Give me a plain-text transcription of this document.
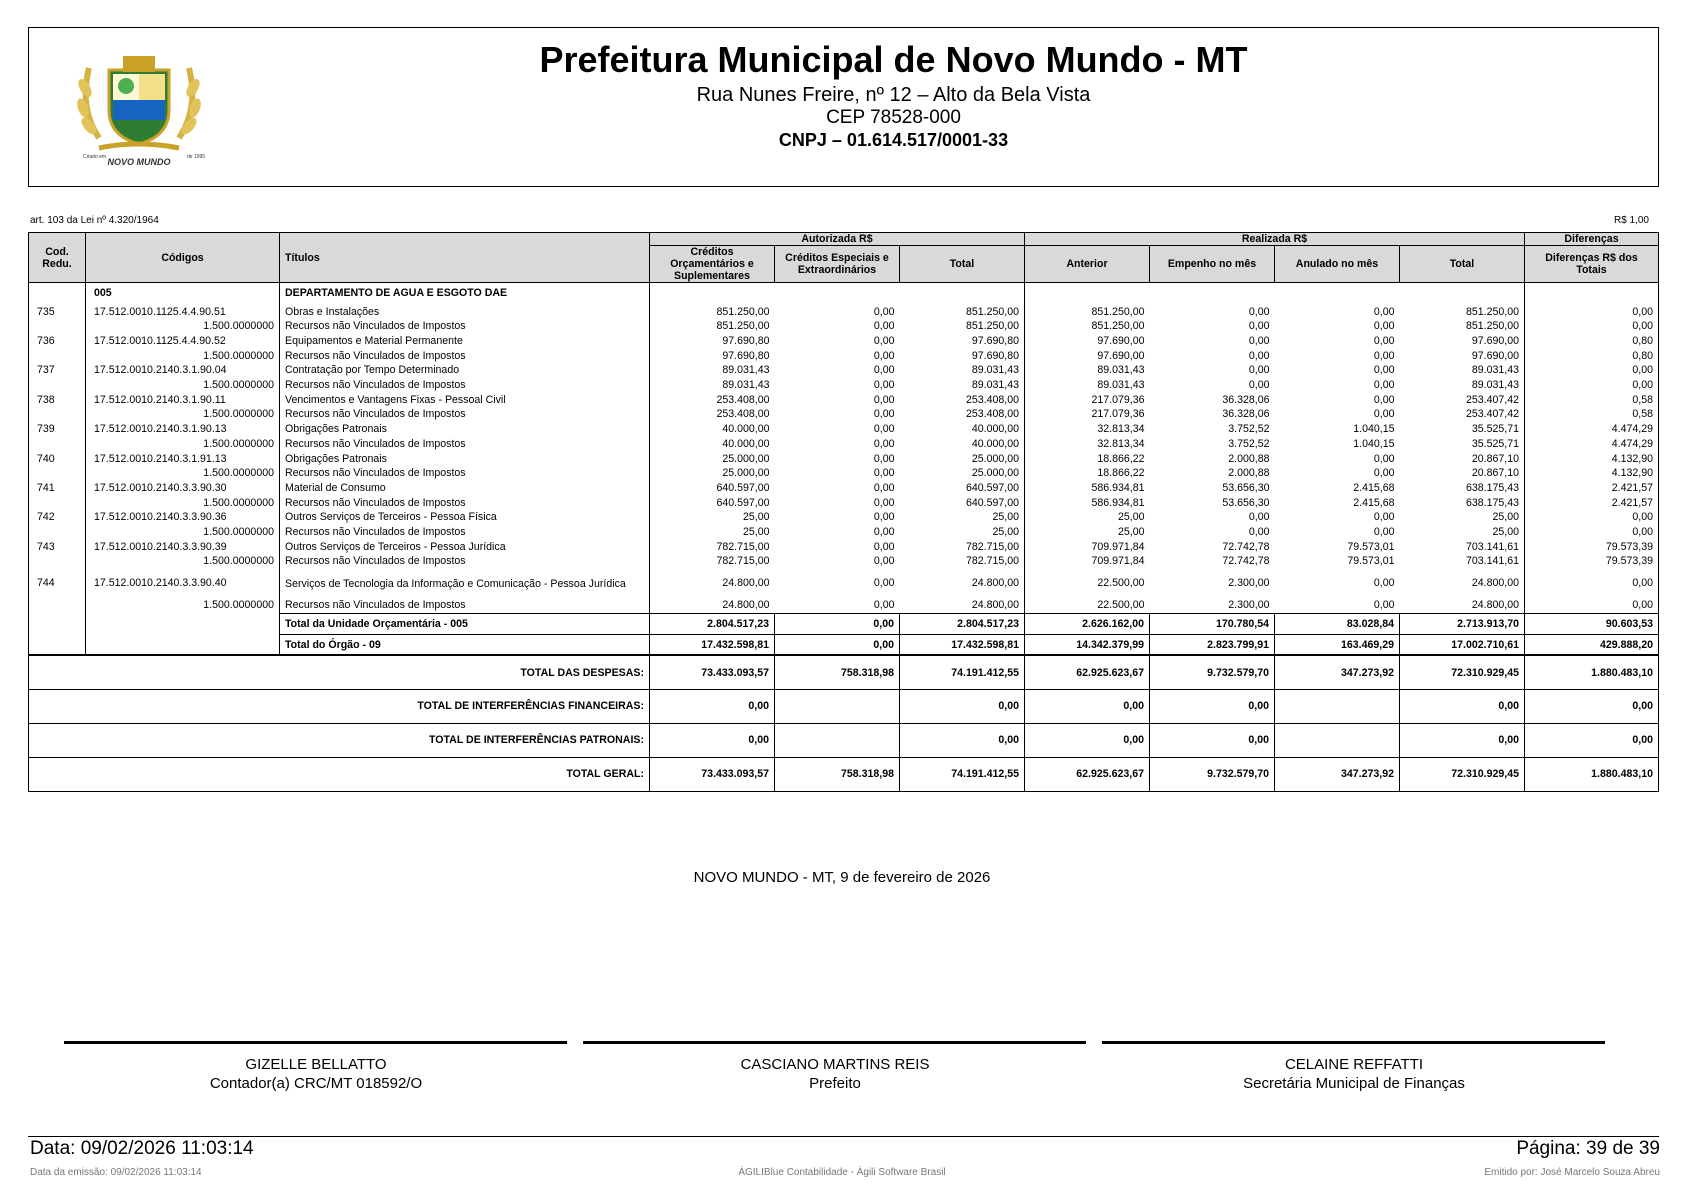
NOVO MUNDO
Criado em	de 1995
Prefeitura Municipal de Novo Mundo - MT
Rua Nunes Freire, nº 12 – Alto da Bela Vista
CEP 78528-000
CNPJ – 01.614.517/0001-33
art. 103 da Lei nº 4.320/1964	R$ 1,00
Cod. Redu.	Códigos	Títulos	Autorizada R$			Realizada R$				Diferenças
			Créditos Orçamentários e Suplementares	Créditos Especiais e Extraordinários	Total	Anterior	Empenho no mês	Anulado no mês	Total	Diferenças R$ dos Totais
	005	DEPARTAMENTO DE AGUA E ESGOTO DAE								
735	17.512.0010.1125.4.4.90.51	Obras e Instalações	851.250,00	0,00	851.250,00	851.250,00	0,00	0,00	851.250,00	0,00
	1.500.0000000	Recursos não Vinculados de Impostos	851.250,00	0,00	851.250,00	851.250,00	0,00	0,00	851.250,00	0,00
736	17.512.0010.1125.4.4.90.52	Equipamentos e Material Permanente	97.690,80	0,00	97.690,80	97.690,00	0,00	0,00	97.690,00	0,80
	1.500.0000000	Recursos não Vinculados de Impostos	97.690,80	0,00	97.690,80	97.690,00	0,00	0,00	97.690,00	0,80
737	17.512.0010.2140.3.1.90.04	Contratação por Tempo Determinado	89.031,43	0,00	89.031,43	89.031,43	0,00	0,00	89.031,43	0,00
	1.500.0000000	Recursos não Vinculados de Impostos	89.031,43	0,00	89.031,43	89.031,43	0,00	0,00	89.031,43	0,00
738	17.512.0010.2140.3.1.90.11	Vencimentos e Vantagens Fixas - Pessoal Civil	253.408,00	0,00	253.408,00	217.079,36	36.328,06	0,00	253.407,42	0,58
	1.500.0000000	Recursos não Vinculados de Impostos	253.408,00	0,00	253.408,00	217.079,36	36.328,06	0,00	253.407,42	0,58
739	17.512.0010.2140.3.1.90.13	Obrigações Patronais	40.000,00	0,00	40.000,00	32.813,34	3.752,52	1.040,15	35.525,71	4.474,29
	1.500.0000000	Recursos não Vinculados de Impostos	40.000,00	0,00	40.000,00	32.813,34	3.752,52	1.040,15	35.525,71	4.474,29
740	17.512.0010.2140.3.1.91.13	Obrigações Patronais	25.000,00	0,00	25.000,00	18.866,22	2.000,88	0,00	20.867,10	4.132,90
	1.500.0000000	Recursos não Vinculados de Impostos	25.000,00	0,00	25.000,00	18.866,22	2.000,88	0,00	20.867,10	4.132,90
741	17.512.0010.2140.3.3.90.30	Material de Consumo	640.597,00	0,00	640.597,00	586.934,81	53.656,30	2.415,68	638.175,43	2.421,57
	1.500.0000000	Recursos não Vinculados de Impostos	640.597,00	0,00	640.597,00	586.934,81	53.656,30	2.415,68	638.175,43	2.421,57
742	17.512.0010.2140.3.3.90.36	Outros Serviços de Terceiros - Pessoa Física	25,00	0,00	25,00	25,00	0,00	0,00	25,00	0,00
	1.500.0000000	Recursos não Vinculados de Impostos	25,00	0,00	25,00	25,00	0,00	0,00	25,00	0,00
743	17.512.0010.2140.3.3.90.39	Outros Serviços de Terceiros - Pessoa Jurídica	782.715,00	0,00	782.715,00	709.971,84	72.742,78	79.573,01	703.141,61	79.573,39
	1.500.0000000	Recursos não Vinculados de Impostos	782.715,00	0,00	782.715,00	709.971,84	72.742,78	79.573,01	703.141,61	79.573,39
744	17.512.0010.2140.3.3.90.40	Serviços de Tecnologia da Informação e Comunicação - Pessoa Jurídica	24.800,00	0,00	24.800,00	22.500,00	2.300,00	0,00	24.800,00	0,00
	1.500.0000000	Recursos não Vinculados de Impostos	24.800,00	0,00	24.800,00	22.500,00	2.300,00	0,00	24.800,00	0,00
		Total da Unidade Orçamentária - 005	2.804.517,23	0,00	2.804.517,23	2.626.162,00	170.780,54	83.028,84	2.713.913,70	90.603,53
		Total do Órgão - 09	17.432.598,81	0,00	17.432.598,81	14.342.379,99	2.823.799,91	163.469,29	17.002.710,61	429.888,20
TOTAL DAS DESPESAS:			73.433.093,57	758.318,98	74.191.412,55	62.925.623,67	9.732.579,70	347.273,92	72.310.929,45	1.880.483,10
TOTAL DE INTERFERÊNCIAS FINANCEIRAS:			0,00		0,00	0,00	0,00		0,00	0,00
TOTAL DE INTERFERÊNCIAS PATRONAIS:			0,00		0,00	0,00	0,00		0,00	0,00
TOTAL GERAL:			73.433.093,57	758.318,98	74.191.412,55	62.925.623,67	9.732.579,70	347.273,92	72.310.929,45	1.880.483,10
NOVO MUNDO - MT, 9 de fevereiro de 2026
GIZELLE BELLATTO
Contador(a) CRC/MT 018592/O
CASCIANO MARTINS REIS
Prefeito
CELAINE REFFATTI
Secretária Municipal de Finanças
Data: 09/02/2026 11:03:14	Página: 39 de 39
Data da emissão: 09/02/2026 11:03:14	ÁGILIBlue Contabilidade - Ágili Software Brasil	Emitido por: José Marcelo Souza Abreu
